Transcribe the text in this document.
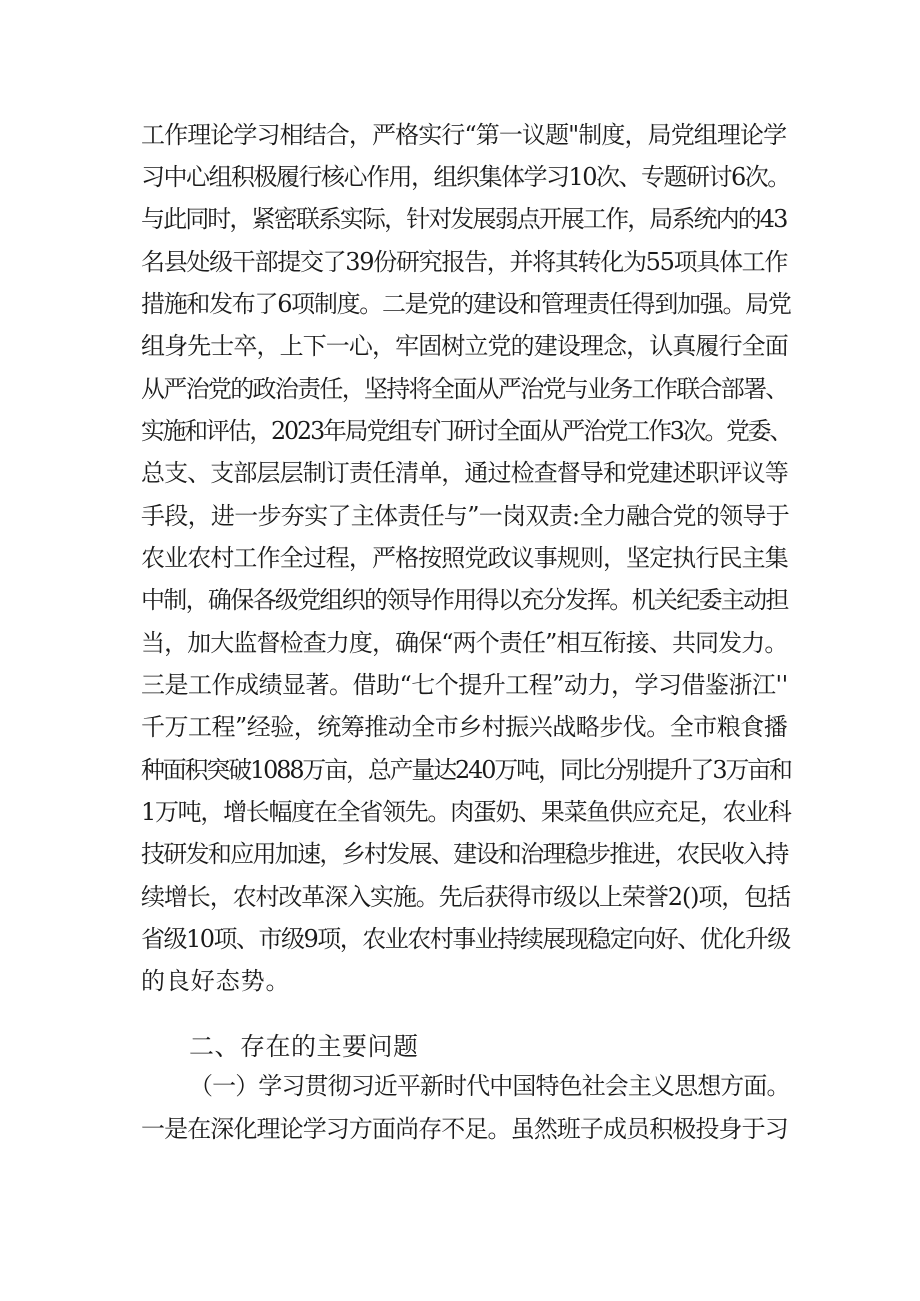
工作理论学习相结合，严格实行“第一议题"制度，局党组理论学
习中心组积极履行核心作用，组织集体学习10次、专题研讨6次。
与此同时，紧密联系实际，针对发展弱点开展工作，局系统内的43
名县处级干部提交了39份研究报告，并将其转化为55项具体工作
措施和发布了6项制度。二是党的建设和管理责任得到加强。局党
组身先士卒，上下一心，牢固树立党的建设理念，认真履行全面
从严治党的政治责任，坚持将全面从严治党与业务工作联合部署、
实施和评估，2023年局党组专门研讨全面从严治党工作3次。党委、
总支、支部层层制订责任清单，通过检查督导和党建述职评议等
手段，进一步夯实了主体责任与”一岗双责:全力融合党的领导于
农业农村工作全过程，严格按照党政议事规则，坚定执行民主集
中制，确保各级党组织的领导作用得以充分发挥。机关纪委主动担
当，加大监督检查力度，确保“两个责任”相互衔接、共同发力。
三是工作成绩显著。借助“七个提升工程”动力，学习借鉴浙江''
千万工程”经验，统筹推动全市乡村振兴战略步伐。全市粮食播
种面积突破1088万亩，总产量达240万吨，同比分别提升了3万亩和
1万吨，增长幅度在全省领先。肉蛋奶、果菜鱼供应充足，农业科
技研发和应用加速，乡村发展、建设和治理稳步推进，农民收入持
续增长，农村改革深入实施。先后获得市级以上荣誉2()项，包括
省级10项、市级9项，农业农村事业持续展现稳定向好、优化升级
的良好态势。
二、存在的主要问题
（一）学习贯彻习近平新时代中国特色社会主义思想方面。
一是在深化理论学习方面尚存不足。虽然班子成员积极投身于习
